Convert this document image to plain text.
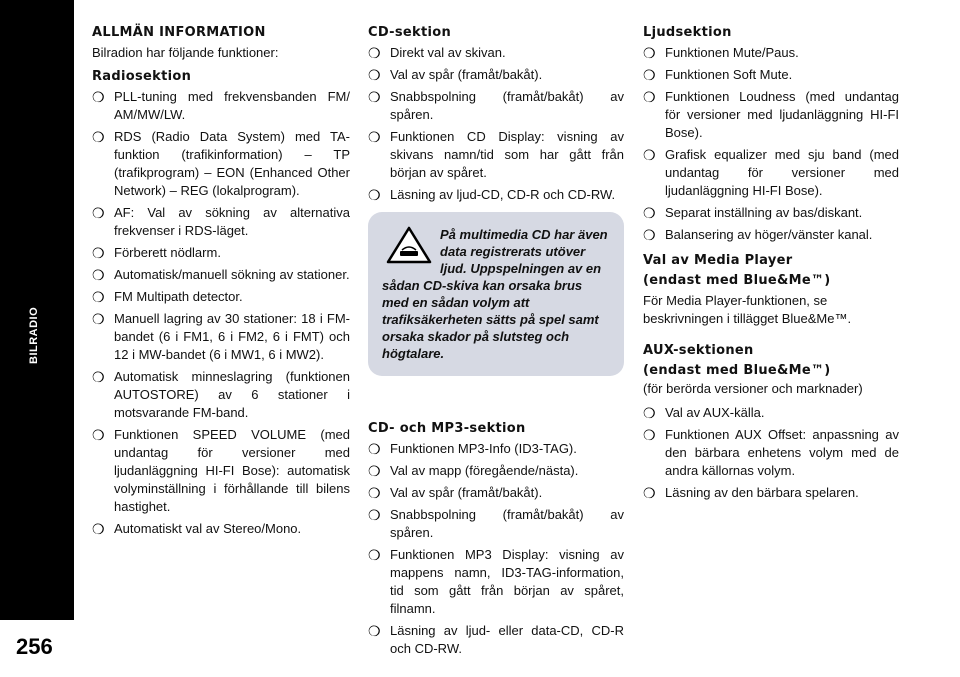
BILRADIO
256
ALLMÄN INFORMATION

Bilradion har följande funktioner:

Radiosektion
❍ PLL-tuning med frekvensbanden FM/ AM/MW/LW.
❍ RDS (Radio Data System) med TA-funktion (trafikinformation) – TP (trafikprogram) – EON (Enhanced Other Network) – REG (lokalprogram).
❍ AF: Val av sökning av alternativa frekvenser i RDS-läget.
❍ Förberett nödlarm.
❍ Automatisk/manuell sökning av stationer.
❍ FM Multipath detector.
❍ Manuell lagring av 30 stationer: 18 i FM-bandet (6 i FM1, 6 i FM2, 6 i FMT) och 12 i MW-bandet (6 i MW1, 6 i MW2).
❍ Automatisk minneslagring (funktionen AUTOSTORE) av 6 stationer i motsvarande FM-band.
❍ Funktionen SPEED VOLUME (med undantag för versioner med ljudanläggning HI-FI Bose): automatisk volyminställning i förhållande till bilens hastighet.
❍ Automatiskt val av Stereo/Mono.
CD-sektion
❍ Direkt val av skivan.
❍ Val av spår (framåt/bakåt).
❍ Snabbspolning (framåt/bakåt) av spåren.
❍ Funktionen CD Display: visning av skivans namn/tid som har gått från början av spåret.
❍ Läsning av ljud-CD, CD-R och CD-RW.
På multimedia CD har även data registrerats utöver ljud. Uppspelningen av en sådan CD-skiva kan orsaka brus med en sådan volym att trafiksäkerheten sätts på spel samt orsaka skador på slutsteg och högtalare.
CD- och MP3-sektion
❍ Funktionen MP3-Info (ID3-TAG).
❍ Val av mapp (föregående/nästa).
❍ Val av spår (framåt/bakåt).
❍ Snabbspolning (framåt/bakåt) av spåren.
❍ Funktionen MP3 Display: visning av mappens namn, ID3-TAG-information, tid som gått från början av spåret, filnamn.
❍ Läsning av ljud- eller data-CD, CD-R och CD-RW.
Ljudsektion
❍ Funktionen Mute/Paus.
❍ Funktionen Soft Mute.
❍ Funktionen Loudness (med undantag för versioner med ljudanläggning HI-FI Bose).
❍ Grafisk equalizer med sju band (med undantag för versioner med ljudanläggning HI-FI Bose).
❍ Separat inställning av bas/diskant.
❍ Balansering av höger/vänster kanal.
Val av Media Player
(endast med Blue&Me™)

För Media Player-funktionen, se beskrivningen i tillägget Blue&Me™.

AUX-sektionen
(endast med Blue&Me™)
(för berörda versioner och marknader)
❍ Val av AUX-källa.
❍ Funktionen AUX Offset: anpassning av den bärbara enhetens volym med de andra källornas volym.
❍ Läsning av den bärbara spelaren.
